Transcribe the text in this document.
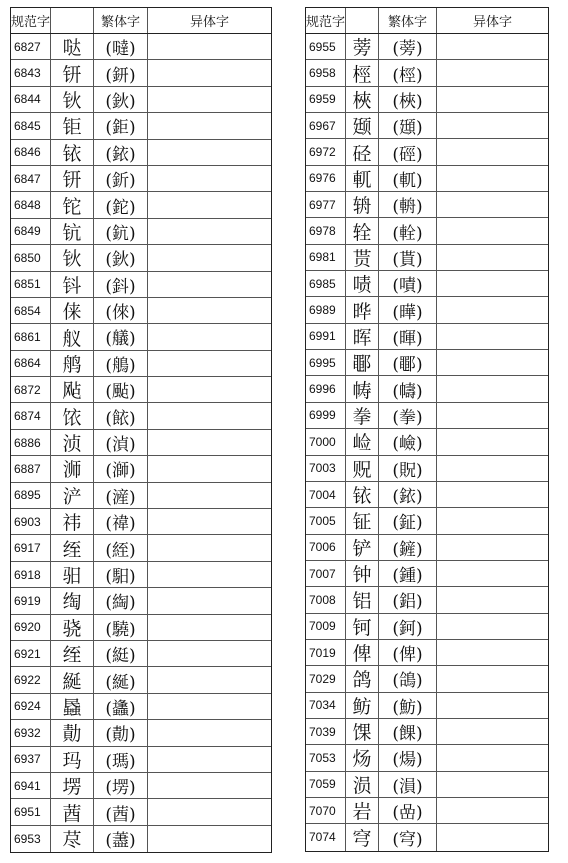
规范字	繁体字	异体字
6827	哒	(噠)
6843	钘	(鈃)
6844	钬	(鈥)
6845	钜	(鉅)
6846	铱	(銥)
6847	钘	(釿)
6848	铊	(鉈)
6849	钪	(鈧)
6850	钬	(鈥)
6851	钭	(鈄)
6854	俫	(倈)
6861	舣	(艤)
6864	鸼	(鵃)
6872	飐	(颭)
6874	饻	(餏)
6886	浈	(湞)
6887	浉	(溮)
6895	浐	(滻)
6903	祎	(禕)
6917	绖	(絰)
6918	驲	(馹)
6919	绹	(綯)
6920	骁	(驍)
6921	绖	(綎)
6922	綖	(綖)
6924	蟁	(蠭)
6932	勣	(勣)
6937	玛	(瑪)
6941	塄	(塄)
6951	莤	(莤)
6953	荩	(藎)
规范字	繁体字	异体字
6955 蒡	(蒡)
6958 桱	(桱)
6959 梜	(梜)
6967 颋	(頲)
6972 硁	(硜)
6976 軏	(軏)
6977 辀	(輈)
6978 辁	(輇)
6981 贳	(貰)
6985 啧	(嘖)
6989 晔	(曄)
6991 晖	(暉)
6995 鄳	(鄳)
6996 帱	(幬)
6999 拳	(拳)
7000 崄	(嶮)
7003 贶	(貺)
7004 铱	(銥)
7005 钲	(鉦)
7006 铲	(鏟)
7007 钟	(鍾)
7008 铝	(鋁)
7009 钶	(鈳)
7019 俾	(俾)
7029 鸽	(鴿)
7034 鲂	(魴)
7039 馃	(餜)
7053 炀	(煬)
7059 涢	(溳)
7070 岩	(嵒)
7074 穹	(穹)
